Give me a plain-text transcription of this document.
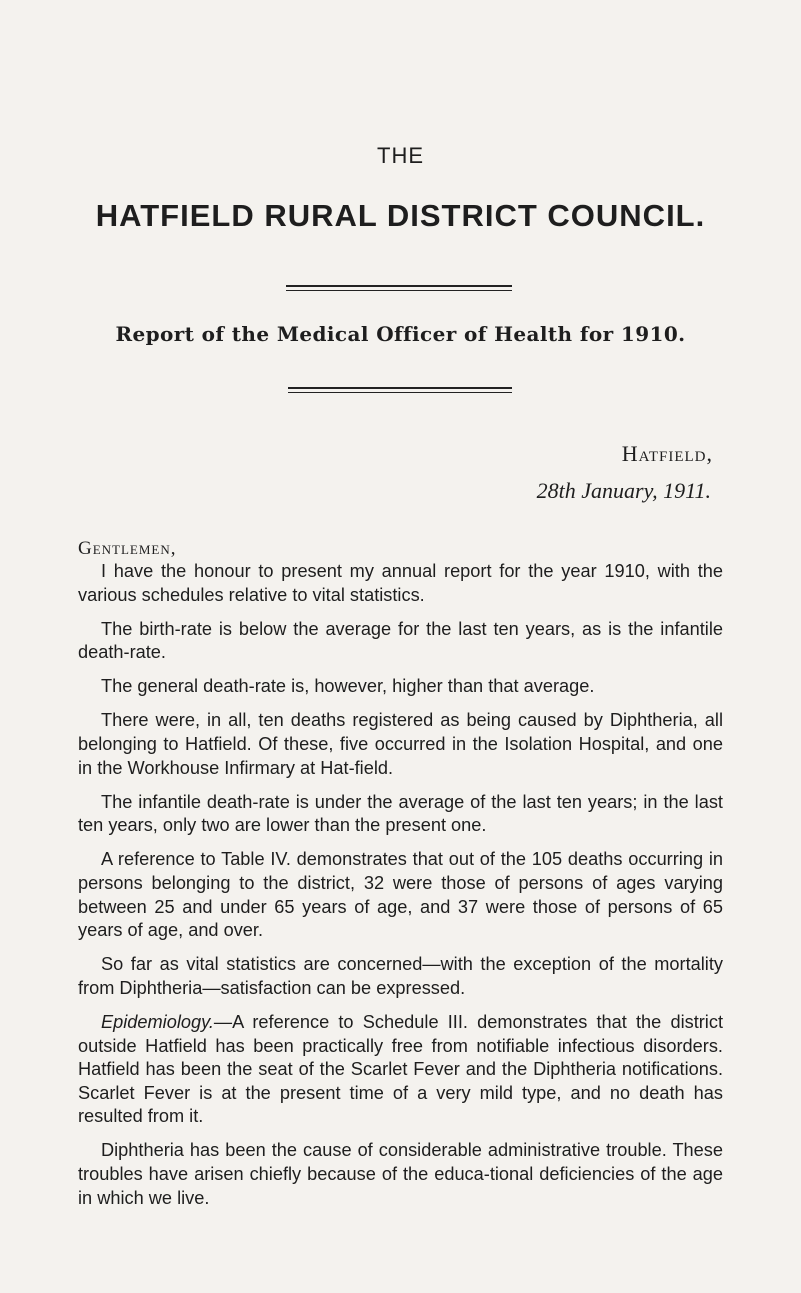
THE
HATFIELD RURAL DISTRICT COUNCIL.
Report of the Medical Officer of Health for 1910.
Hatfield,
28th January, 1911.
Gentlemen,

I have the honour to present my annual report for the year 1910, with the various schedules relative to vital statistics.

The birth-rate is below the average for the last ten years, as is the infantile death-rate.

The general death-rate is, however, higher than that average.

There were, in all, ten deaths registered as being caused by Diphtheria, all belonging to Hatfield. Of these, five occurred in the Isolation Hospital, and one in the Workhouse Infirmary at Hat-field.

The infantile death-rate is under the average of the last ten years; in the last ten years, only two are lower than the present one.

A reference to Table IV. demonstrates that out of the 105 deaths occurring in persons belonging to the district, 32 were those of persons of ages varying between 25 and under 65 years of age, and 37 were those of persons of 65 years of age, and over.

So far as vital statistics are concerned—with the exception of the mortality from Diphtheria—satisfaction can be expressed.

Epidemiology.—A reference to Schedule III. demonstrates that the district outside Hatfield has been practically free from notifiable infectious disorders. Hatfield has been the seat of the Scarlet Fever and the Diphtheria notifications. Scarlet Fever is at the present time of a very mild type, and no death has resulted from it.

Diphtheria has been the cause of considerable administrative trouble. These troubles have arisen chiefly because of the educa-tional deficiencies of the age in which we live.
